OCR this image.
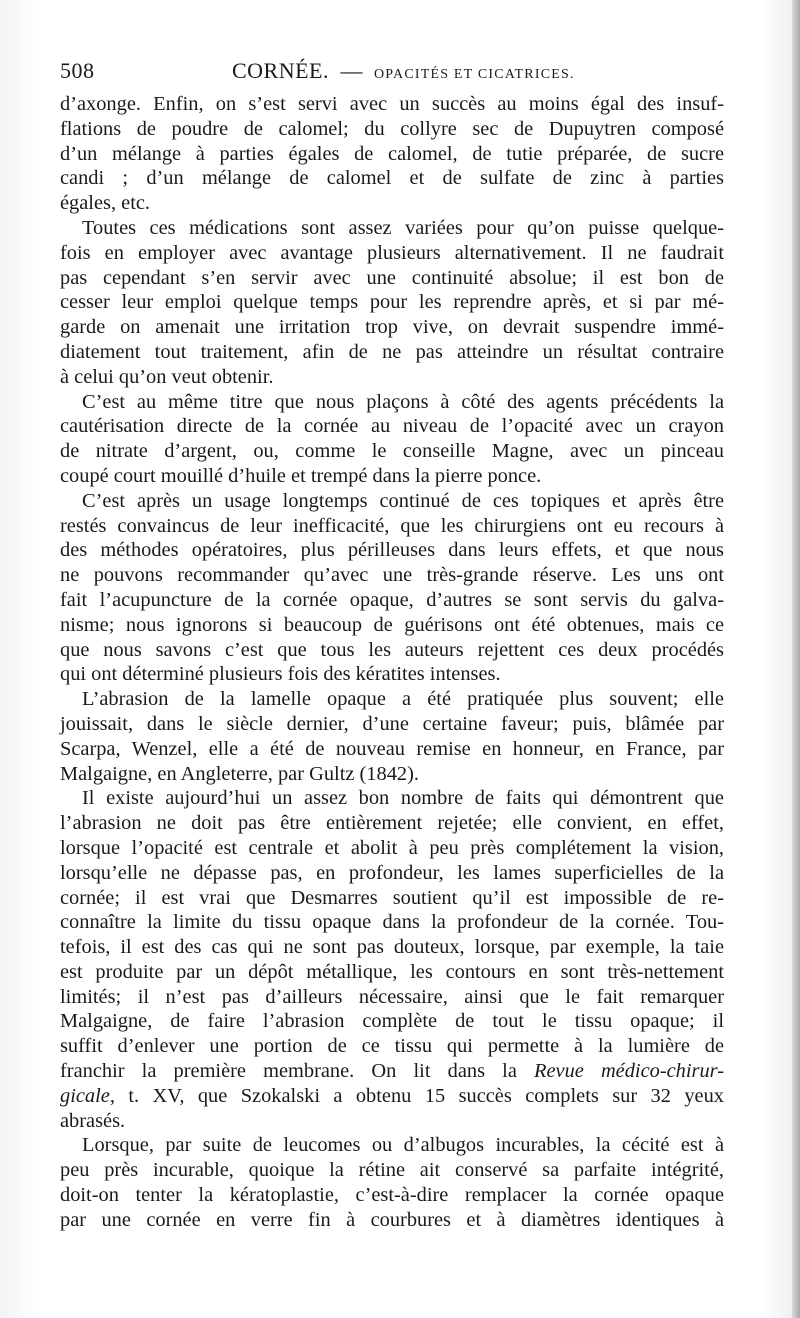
508	CORNÉE. — OPACITÉS ET CICATRICES.
d’axonge. Enfin, on s’est servi avec un succès au moins égal des insuf-
flations de poudre de calomel; du collyre sec de Dupuytren composé
d’un mélange à parties égales de calomel, de tutie préparée, de sucre
candi ; d’un mélange de calomel et de sulfate de zinc à parties
égales, etc.
Toutes ces médications sont assez variées pour qu’on puisse quelque-
fois en employer avec avantage plusieurs alternativement. Il ne faudrait
pas cependant s’en servir avec une continuité absolue; il est bon de
cesser leur emploi quelque temps pour les reprendre après, et si par mé-
garde on amenait une irritation trop vive, on devrait suspendre immé-
diatement tout traitement, afin de ne pas atteindre un résultat contraire
à celui qu’on veut obtenir.
C’est au même titre que nous plaçons à côté des agents précédents la
cautérisation directe de la cornée au niveau de l’opacité avec un crayon
de nitrate d’argent, ou, comme le conseille Magne, avec un pinceau
coupé court mouillé d’huile et trempé dans la pierre ponce.
C’est après un usage longtemps continué de ces topiques et après être
restés convaincus de leur inefficacité, que les chirurgiens ont eu recours à
des méthodes opératoires, plus périlleuses dans leurs effets, et que nous
ne pouvons recommander qu’avec une très-grande réserve. Les uns ont
fait l’acupuncture de la cornée opaque, d’autres se sont servis du galva-
nisme; nous ignorons si beaucoup de guérisons ont été obtenues, mais ce
que nous savons c’est que tous les auteurs rejettent ces deux procédés
qui ont déterminé plusieurs fois des kératites intenses.
L’abrasion de la lamelle opaque a été pratiquée plus souvent; elle
jouissait, dans le siècle dernier, d’une certaine faveur; puis, blâmée par
Scarpa, Wenzel, elle a été de nouveau remise en honneur, en France, par
Malgaigne, en Angleterre, par Gultz (1842).
Il existe aujourd’hui un assez bon nombre de faits qui démontrent que
l’abrasion ne doit pas être entièrement rejetée; elle convient, en effet,
lorsque l’opacité est centrale et abolit à peu près complétement la vision,
lorsqu’elle ne dépasse pas, en profondeur, les lames superficielles de la
cornée; il est vrai que Desmarres soutient qu’il est impossible de re-
connaître la limite du tissu opaque dans la profondeur de la cornée. Tou-
tefois, il est des cas qui ne sont pas douteux, lorsque, par exemple, la taie
est produite par un dépôt métallique, les contours en sont très-nettement
limités; il n’est pas d’ailleurs nécessaire, ainsi que le fait remarquer
Malgaigne, de faire l’abrasion complète de tout le tissu opaque; il
suffit d’enlever une portion de ce tissu qui permette à la lumière de
franchir la première membrane. On lit dans la Revue médico-chirur-
gicale, t. XV, que Szokalski a obtenu 15 succès complets sur 32 yeux
abrasés.
Lorsque, par suite de leucomes ou d’albugos incurables, la cécité est à
peu près incurable, quoique la rétine ait conservé sa parfaite intégrité,
doit-on tenter la kératoplastie, c’est-à-dire remplacer la cornée opaque
par une cornée en verre fin à courbures et à diamètres identiques à
